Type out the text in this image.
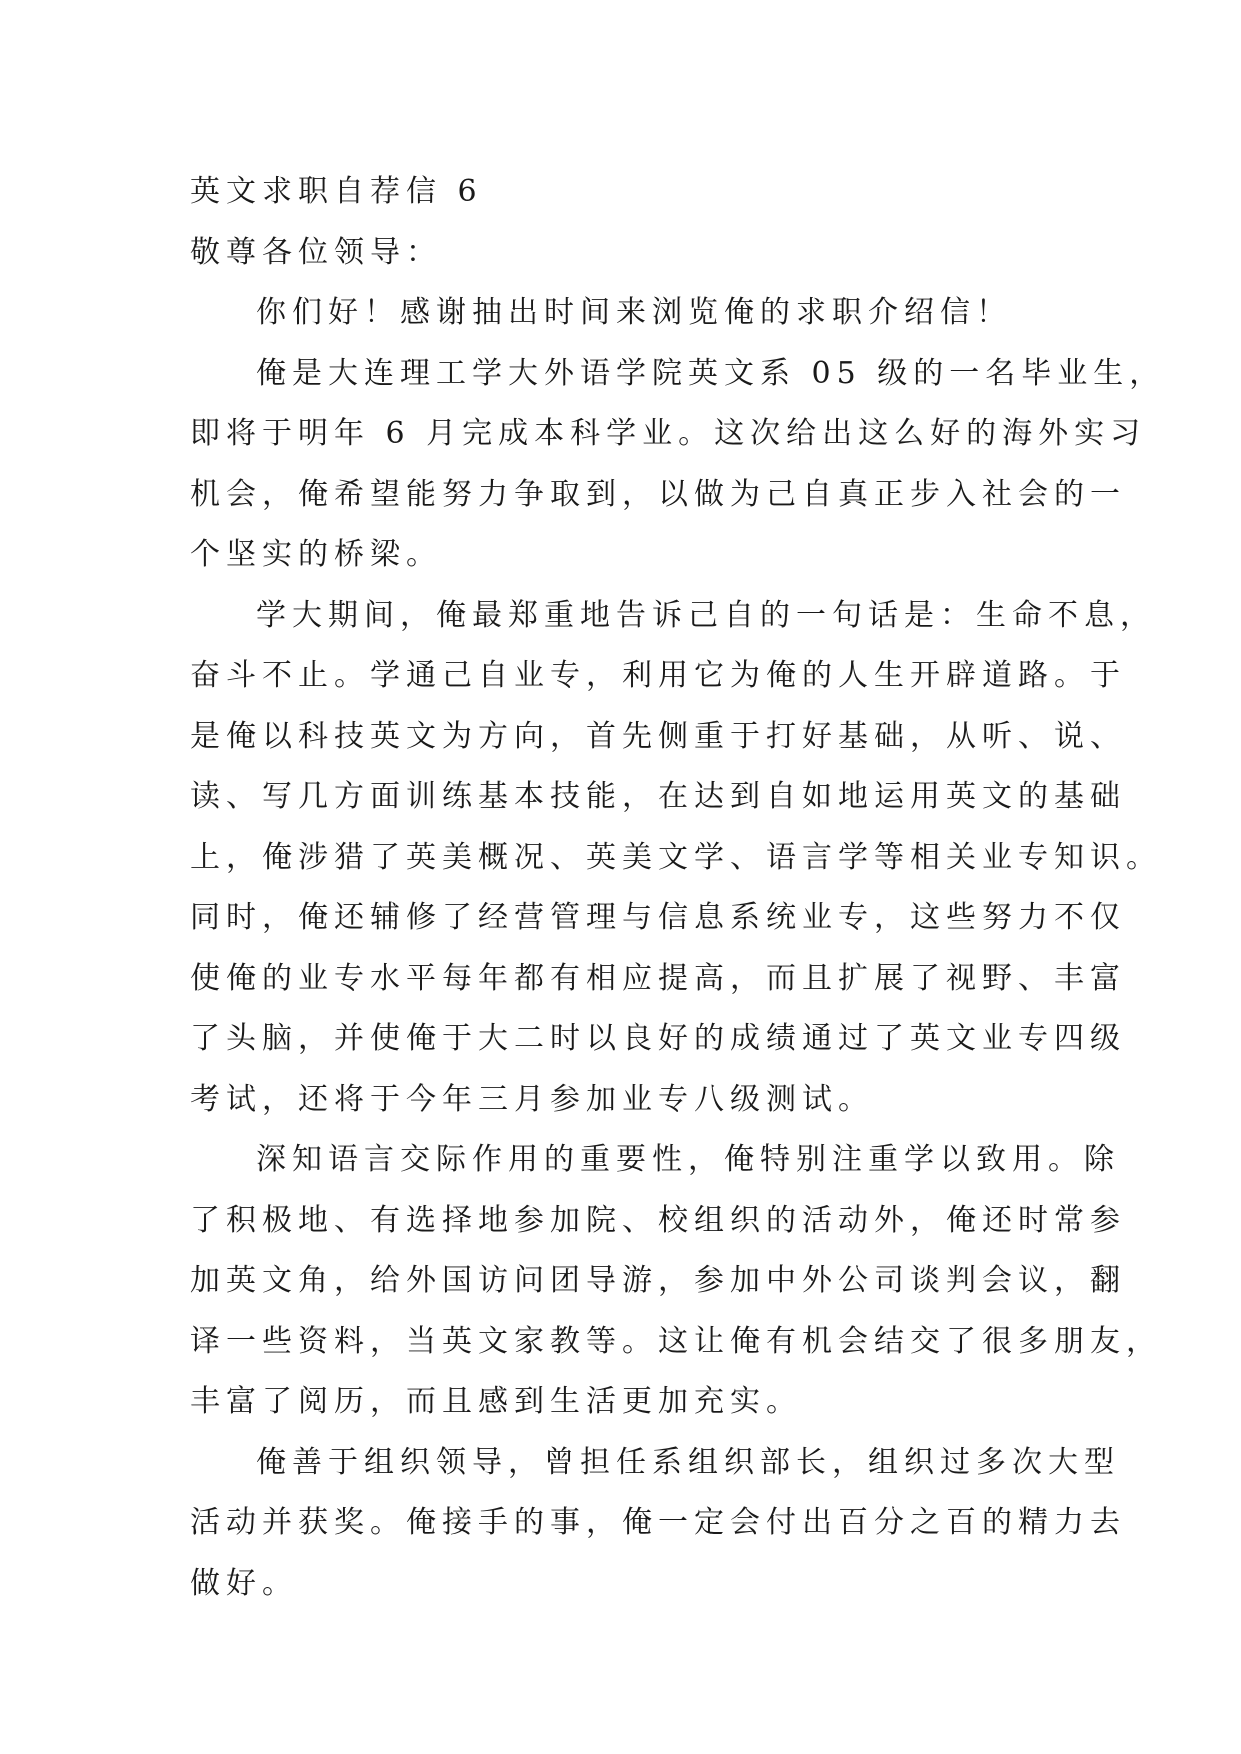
英文求职自荐信 6

敬尊各位领导：

你们好！感谢抽出时间来浏览俺的求职介绍信！

俺是大连理工学大外语学院英文系 05 级的一名毕业生，

即将于明年 6 月完成本科学业。这次给出这么好的海外实习

机会，俺希望能努力争取到，以做为己自真正步入社会的一

个坚实的桥梁。

学大期间，俺最郑重地告诉己自的一句话是：生命不息，

奋斗不止。学通己自业专，利用它为俺的人生开辟道路。于

是俺以科技英文为方向，首先侧重于打好基础，从听、说、

读、写几方面训练基本技能，在达到自如地运用英文的基础

上，俺涉猎了英美概况、英美文学、语言学等相关业专知识。

同时，俺还辅修了经营管理与信息系统业专，这些努力不仅

使俺的业专水平每年都有相应提高，而且扩展了视野、丰富

了头脑，并使俺于大二时以良好的成绩通过了英文业专四级

考试，还将于今年三月参加业专八级测试。

深知语言交际作用的重要性，俺特别注重学以致用。除

了积极地、有选择地参加院、校组织的活动外，俺还时常参

加英文角，给外国访问团导游，参加中外公司谈判会议，翻

译一些资料，当英文家教等。这让俺有机会结交了很多朋友，

丰富了阅历，而且感到生活更加充实。

俺善于组织领导，曾担任系组织部长，组织过多次大型

活动并获奖。俺接手的事，俺一定会付出百分之百的精力去

做好。
